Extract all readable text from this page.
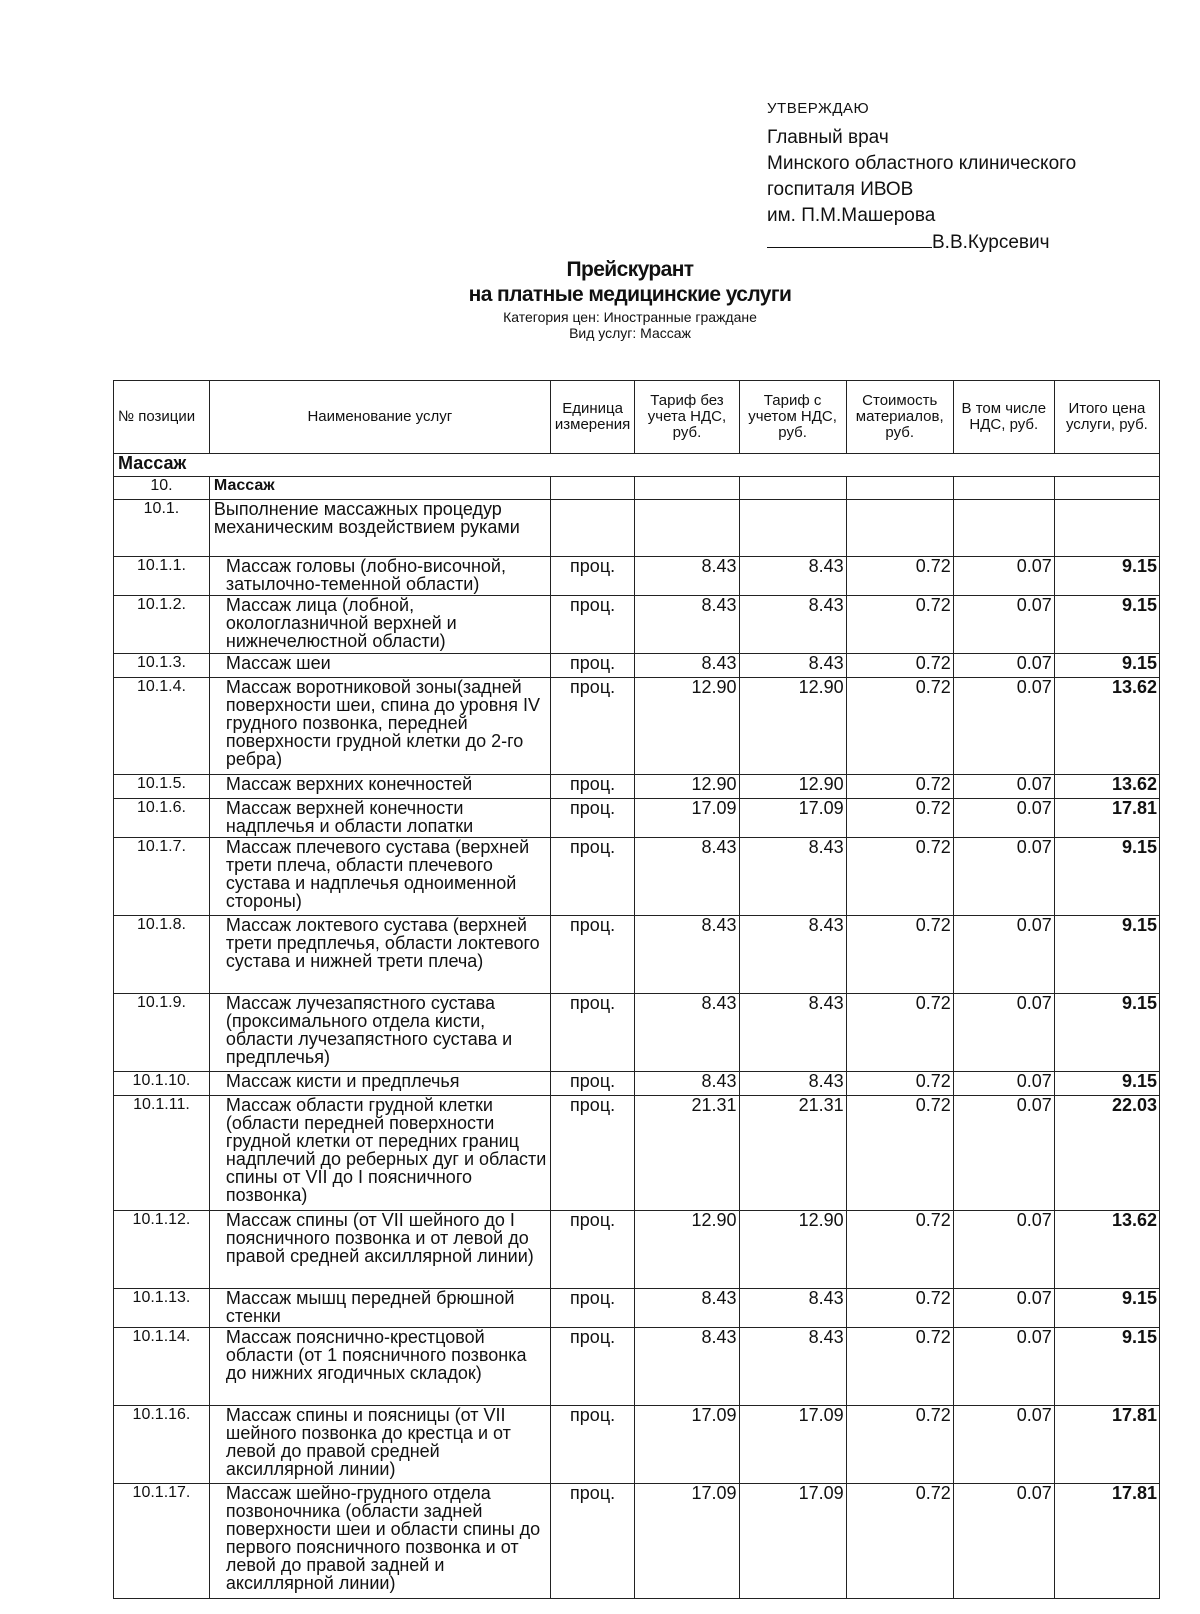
УТВЕРЖДАЮ
Главный врач
Минского областного клинического
госпиталя ИВОВ
им. П.М.Машерова
В.В.Курсевич
Прейскурант
на платные медицинские услуги
Категория цен: Иностранные граждане
Вид услуг: Массаж
№ позиции	Наименование услуг	Единица измерения	Тариф без учета НДС, руб.	Тариф с учетом НДС, руб.	Стоимость материалов, руб.	В том числе НДС, руб.	Итого цена услуги, руб.
Массаж							
10.	Массаж						
10.1.	Выполнение массажных процедур механическим воздействием руками						
10.1.1.	Массаж головы (лобно-височной, затылочно-теменной области)	проц.	8.43	8.43	0.72	0.07	9.15
10.1.2.	Массаж лица (лобной, окологлазничной верхней и нижнечелюстной области)	проц.	8.43	8.43	0.72	0.07	9.15
10.1.3.	Массаж шеи	проц.	8.43	8.43	0.72	0.07	9.15
10.1.4.	Массаж воротниковой зоны(задней поверхности шеи, спина до уровня IV грудного позвонка, передней поверхности грудной клетки до 2-го ребра)	проц.	12.90	12.90	0.72	0.07	13.62
10.1.5.	Массаж верхних конечностей	проц.	12.90	12.90	0.72	0.07	13.62
10.1.6.	Массаж верхней конечности надплечья и области лопатки	проц.	17.09	17.09	0.72	0.07	17.81
10.1.7.	Массаж плечевого сустава (верхней трети плеча, области плечевого сустава и надплечья одноименной стороны)	проц.	8.43	8.43	0.72	0.07	9.15
10.1.8.	Массаж локтевого сустава (верхней трети предплечья, области локтевого сустава и нижней трети плеча)	проц.	8.43	8.43	0.72	0.07	9.15
10.1.9.	Массаж лучезапястного сустава (проксимального отдела кисти, области лучезапястного сустава и предплечья)	проц.	8.43	8.43	0.72	0.07	9.15
10.1.10.	Массаж кисти и предплечья	проц.	8.43	8.43	0.72	0.07	9.15
10.1.11.	Массаж области грудной клетки (области передней поверхности грудной клетки от передних границ надплечий до реберных дуг и области спины от VII до I поясничного позвонка)	проц.	21.31	21.31	0.72	0.07	22.03
10.1.12.	Массаж спины (от VII шейного до I поясничного позвонка и от левой до правой средней аксиллярной линии)	проц.	12.90	12.90	0.72	0.07	13.62
10.1.13.	Массаж мышц передней брюшной стенки	проц.	8.43	8.43	0.72	0.07	9.15
10.1.14.	Массаж пояснично-крестцовой области (от 1 поясничного позвонка до нижних ягодичных складок)	проц.	8.43	8.43	0.72	0.07	9.15
10.1.16.	Массаж спины и поясницы (от VII шейного позвонка до крестца и от левой до правой средней аксиллярной линии)	проц.	17.09	17.09	0.72	0.07	17.81
10.1.17.	Массаж шейно-грудного отдела позвоночника (области задней поверхности шеи и области спины до первого поясничного позвонка и от левой до правой задней и аксиллярной линии)	проц.	17.09	17.09	0.72	0.07	17.81
